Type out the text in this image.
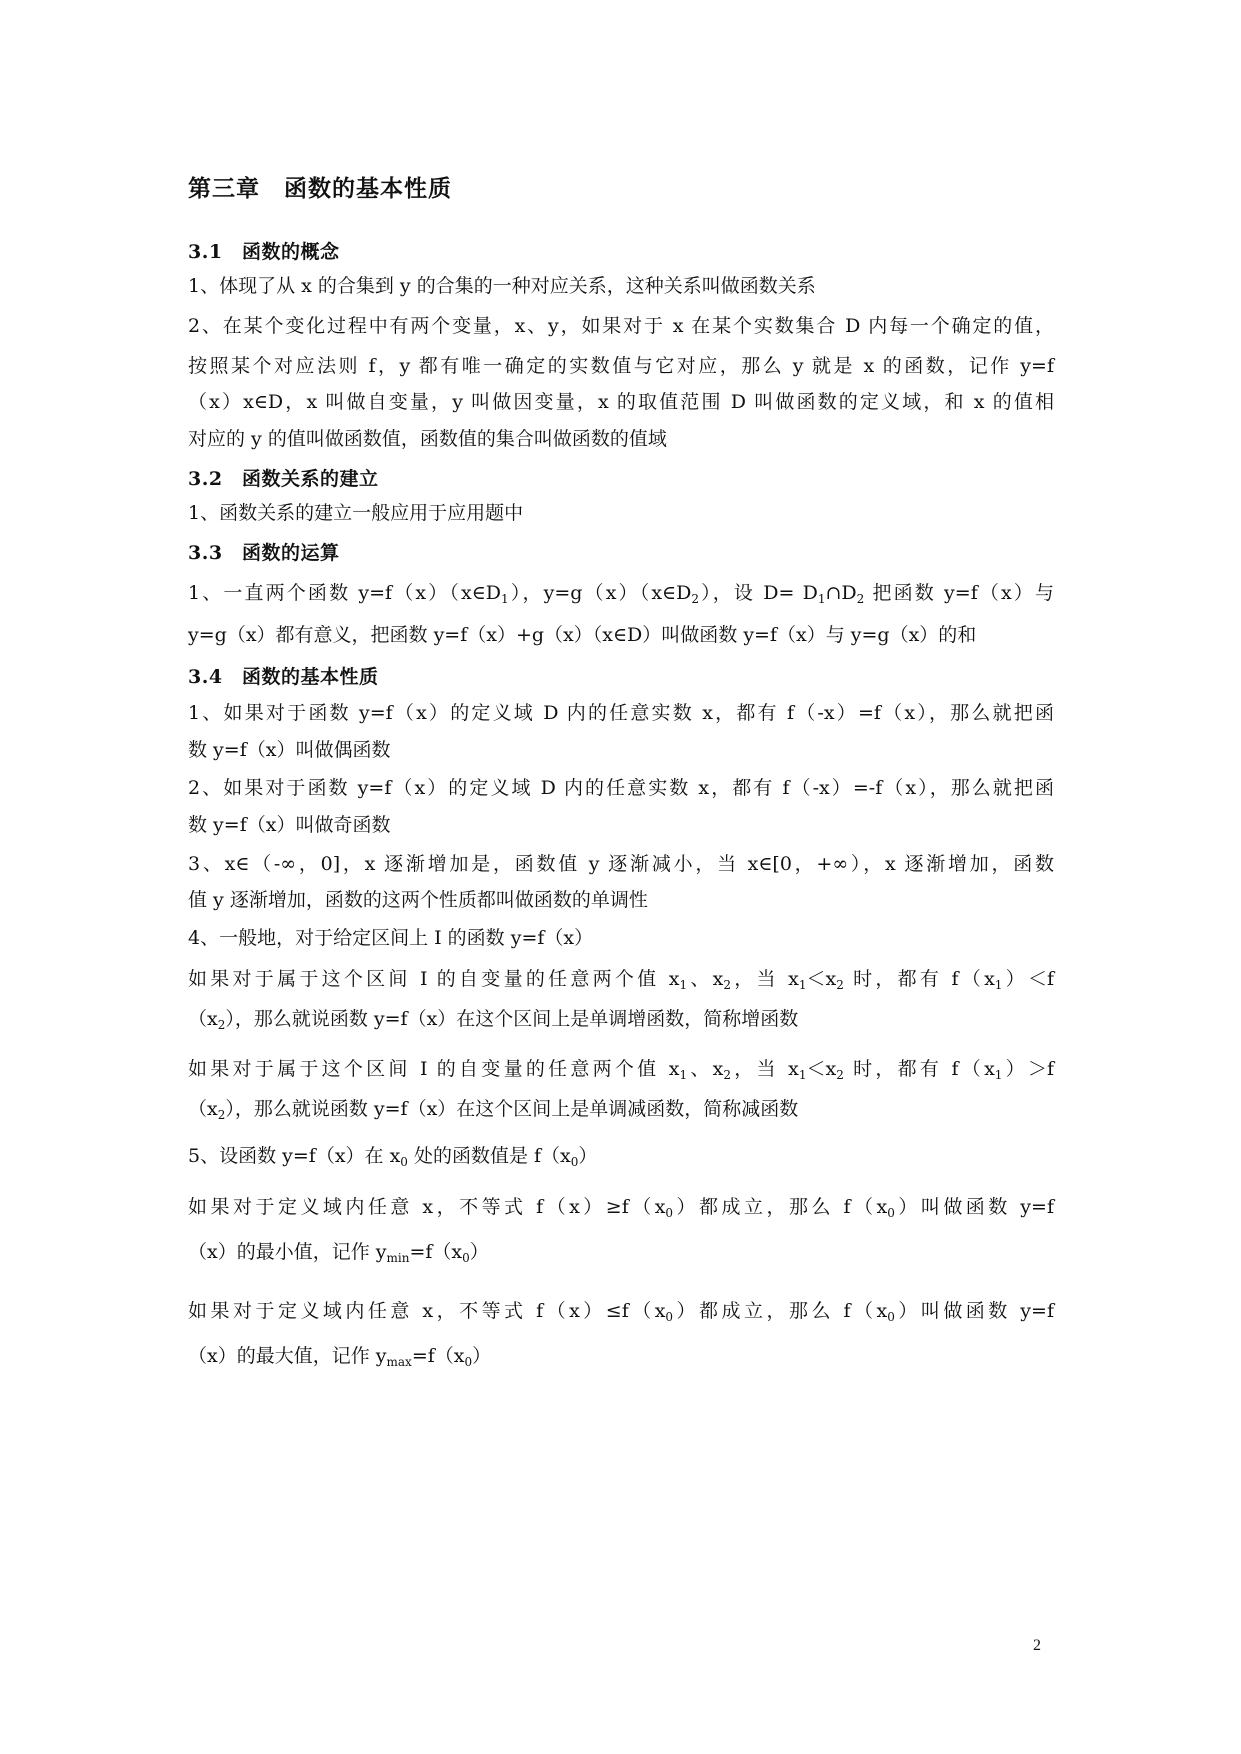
第三章　函数的基本性质
3.1　函数的概念
1、体现了从 x 的合集到 y 的合集的一种对应关系，这种关系叫做函数关系
2、在某个变化过程中有两个变量，x、y，如果对于 x 在某个实数集合 D 内每一个确定的值，
按照某个对应法则 f，y 都有唯一确定的实数值与它对应，那么 y 就是 x 的函数，记作 y=f
（x）x∈D，x 叫做自变量，y 叫做因变量，x 的取值范围 D 叫做函数的定义域，和 x 的值相
对应的 y 的值叫做函数值，函数值的集合叫做函数的值域
3.2　函数关系的建立
1、函数关系的建立一般应用于应用题中
3.3　函数的运算
1、一直两个函数 $y=f(x)(x\in D_1)$，$y=g(x)(x\in D_2)$，设 $D= D_1\cap D_2$ 把函数 y=f（x）与
y=g（x）都有意义，把函数 y=f（x）+g（x）（x∈D）叫做函数 y=f（x）与 y=g（x）的和
3.4　函数的基本性质
1、如果对于函数 y=f（x）的定义域 D 内的任意实数 x，都有 f（-x）=f（x），那么就把函
数 y=f（x）叫做偶函数
2、如果对于函数 y=f（x）的定义域 D 内的任意实数 x，都有 f（-x）=-f（x），那么就把函
数 y=f（x）叫做奇函数
3、x∈（-∞，0]，x 逐渐增加是，函数值 y 逐渐减小，当 x∈[0，+∞），x 逐渐增加，函数
值 y 逐渐增加，函数的这两个性质都叫做函数的单调性
4、一般地，对于给定区间上 I 的函数 y=f（x）
如果对于属于这个区间 I 的自变量的任意两个值 $x_1$、$x_2$，当 $x_1<x_2$ 时，都有 $f(x_1)<f$
$(x_2)$，那么就说函数 y=f（x）在这个区间上是单调增函数，简称增函数
如果对于属于这个区间 I 的自变量的任意两个值 $x_1$、$x_2$，当 $x_1<x_2$ 时，都有 $f(x_1)>f$
$(x_2)$，那么就说函数 y=f（x）在这个区间上是单调减函数，简称减函数
5、设函数 y=f（x）在 $x_0$ 处的函数值是 $f(x_0)$
如果对于定义域内任意 x，不等式 $f(x)\ge f(x_0)$都成立，那么 $f(x_0)$叫做函数 y=f
（x）的最小值，记作 $y_{min}=f(x_0)$
如果对于定义域内任意 x，不等式 $f(x)\le f(x_0)$都成立，那么 $f(x_0)$叫做函数 y=f
（x）的最大值，记作 $y_{max}=f(x_0)$
2
